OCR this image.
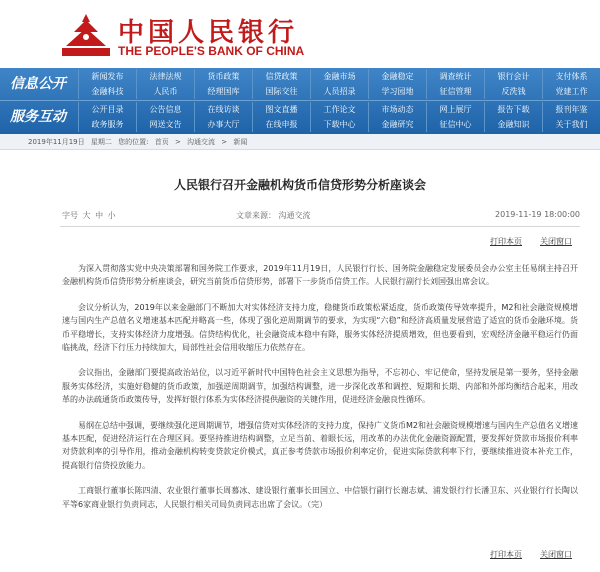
中国人民银行
THE PEOPLE'S BANK OF CHINA
信息公开	新闻发布	法律法规	货币政策	信贷政策	金融市场	金融稳定	调查统计	银行会计	支付体系
金融科技	人民币	经理国库	国际交往	人员招录	学习园地	征信管理	反洗钱	党建工作
服务互动	公开目录	公告信息	在线访谈	图文直播	工作论文	市场动态	网上展厅	报告下载	报刊年鉴
政务服务	网送文告	办事大厅	在线申报	下载中心	金融研究	征信中心	金融知识	关于我们
2019年11月19日 星期二 您的位置: 首页 > 沟通交流 > 新闻
人民银行召开金融机构货币信贷形势分析座谈会
字号 大 中 小	文章来源： 沟通交流	2019-11-19 18:00:00
打印本页 关闭窗口

为深入贯彻落实党中央决策部署和国务院工作要求，2019年11月19日，人民银行行长、国务院金融稳定发展委员会办公室主任易纲主持召开金融机构货币信贷形势分析座谈会，研究当前货币信贷形势，部署下一步货币信贷工作。人民银行副行长刘国强出席会议。

会议分析认为，2019年以来金融部门不断加大对实体经济支持力度，稳健货币政策松紧适度，货币政策传导效率提升，M2和社会融资规模增速与国内生产总值名义增速基本匹配并略高一些，体现了强化逆周期调节的要求，为实现“六稳”和经济高质量发展营造了适宜的货币金融环境。货币平稳增长，支持实体经济力度增强。信贷结构优化，社会融资成本稳中有降，服务实体经济提质增效，但也要看到，宏观经济金融平稳运行仍面临挑战，经济下行压力持续加大，局部性社会信用收缩压力依然存在。

会议指出，金融部门要提高政治站位，以习近平新时代中国特色社会主义思想为指导，不忘初心、牢记使命，坚持发展是第一要务，坚持金融服务实体经济，实施好稳健的货币政策，加强逆周期调节，加强结构调整，进一步深化改革和调控、短期和长期、内部和外部均衡结合起来，用改革的办法疏通货币政策传导，发挥好银行体系为实体经济提供融资的关键作用，促进经济金融良性循环。

易纲在总结中强调，要继续强化逆周期调节，增强信贷对实体经济的支持力度，保持广义货币M2和社会融资规模增速与国内生产总值名义增速基本匹配，促进经济运行在合理区间。要坚持推进结构调整，立足当前、着眼长远，用改革的办法优化金融资源配置，要发挥好贷款市场报价利率对贷款利率的引导作用，推动金融机构转变贷款定价模式，真正参考贷款市场报价利率定价，促进实际贷款利率下行，要继续推进资本补充工作，提高银行信贷投放能力。

工商银行董事长陈四清、农业银行董事长周慕冰、建设银行董事长田国立、中信银行副行长谢志斌、浦发银行行长潘卫东、兴业银行行长陶以平等6家商业银行负责同志，人民银行相关司局负责同志出席了会议。（完）

打印本页 关闭窗口
